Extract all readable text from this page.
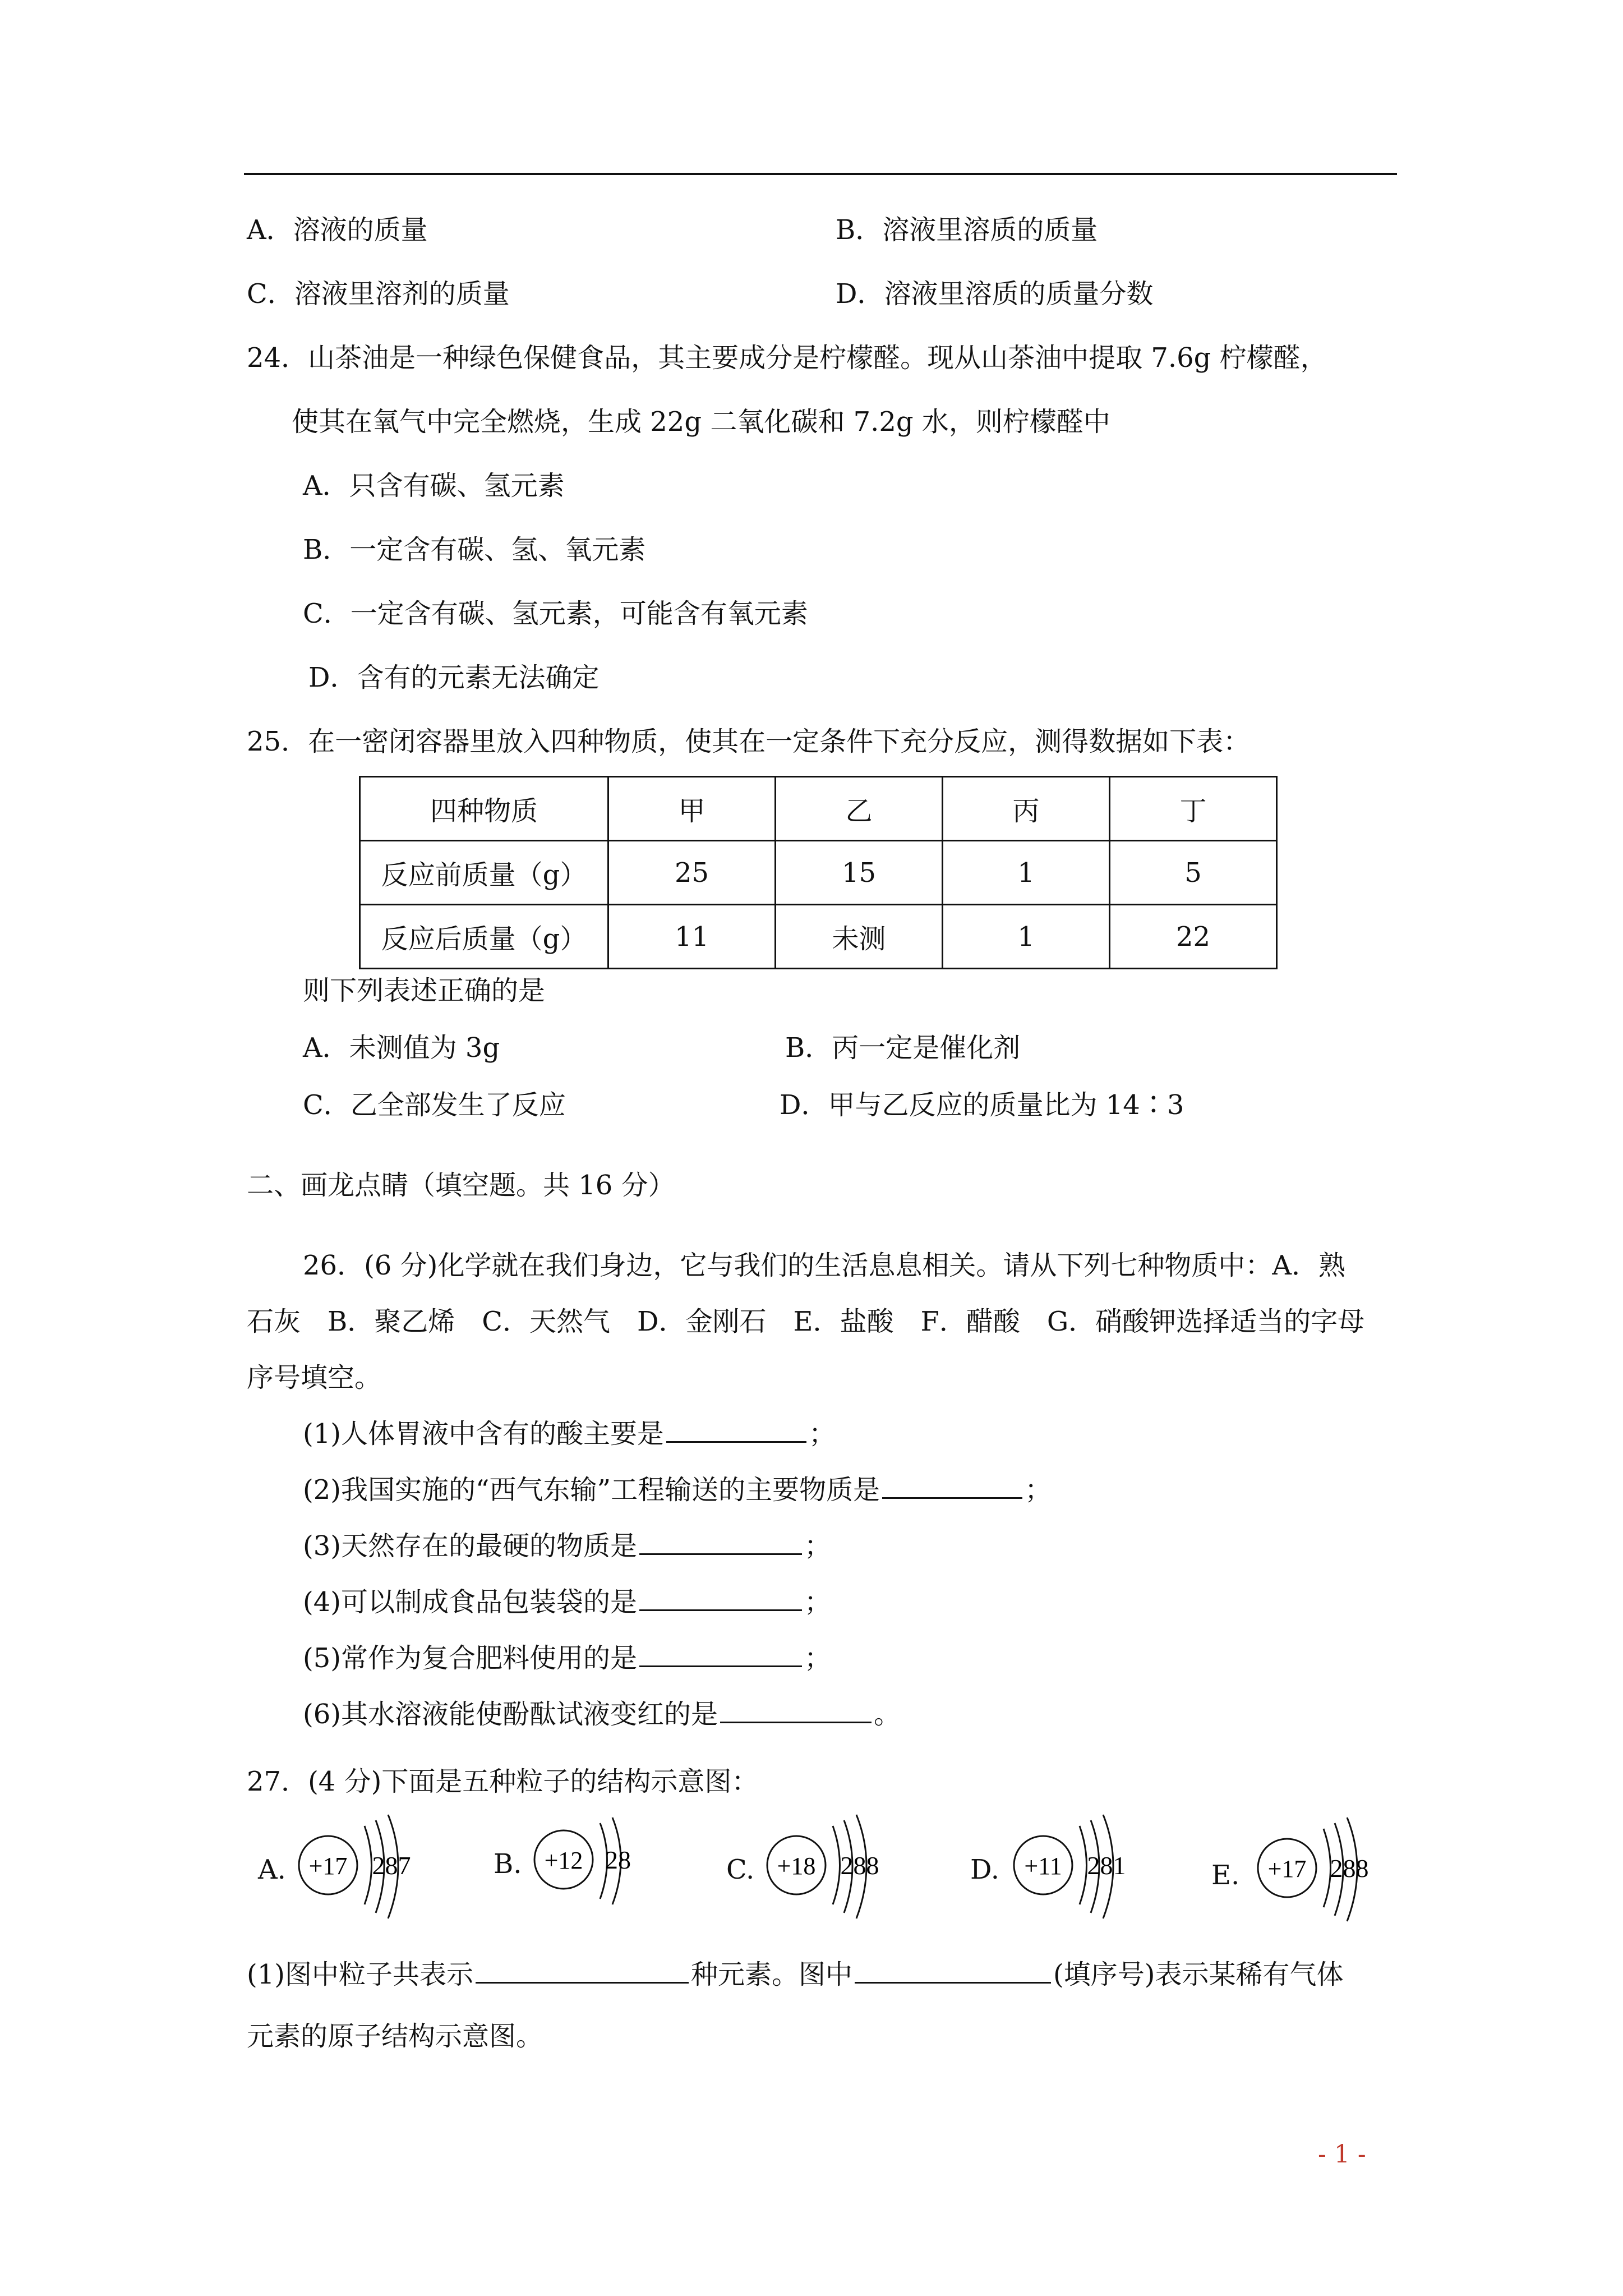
A．溶液的质量	B．溶液里溶质的质量
C．溶液里溶剂的质量	D．溶液里溶质的质量分数
24．山茶油是一种绿色保健食品，其主要成分是柠檬醛。现从山茶油中提取 7.6g 柠檬醛，
使其在氧气中完全燃烧，生成 22g 二氧化碳和 7.2g 水，则柠檬醛中
A．只含有碳、氢元素
B．一定含有碳、氢、氧元素
C．一定含有碳、氢元素，可能含有氧元素
D．含有的元素无法确定
25．在一密闭容器里放入四种物质，使其在一定条件下充分反应，测得数据如下表：
四种物质	甲	乙	丙	丁
反应前质量（g）	25	15	1	5
反应后质量（g）	11	未测	1	22
则下列表述正确的是
A．未测值为 3g	B．丙一定是催化剂
C．乙全部发生了反应	D．甲与乙反应的质量比为 14∶3
二、画龙点睛（填空题。共 16 分）
26．(6 分)化学就在我们身边，它与我们的生活息息相关。请从下列七种物质中：A．熟
石灰　B．聚乙烯　C．天然气　D．金刚石　E．盐酸　F．醋酸　G．硝酸钾选择适当的字母
序号填空。
(1)人体胃液中含有的酸主要是	；
(2)我国实施的“西气东输”工程输送的主要物质是	；
(3)天然存在的最硬的物质是	；
(4)可以制成食品包装袋的是	；
(5)常作为复合肥料使用的是	；
(6)其水溶液能使酚酞试液变红的是	。
27．(4 分)下面是五种粒子的结构示意图：
A. +17 287	B. +12 28	C. +18 288	D. +11 281	E. +17 288
(1)图中粒子共表示	种元素。图中	(填序号)表示某稀有气体
元素的原子结构示意图。
- 1 -
